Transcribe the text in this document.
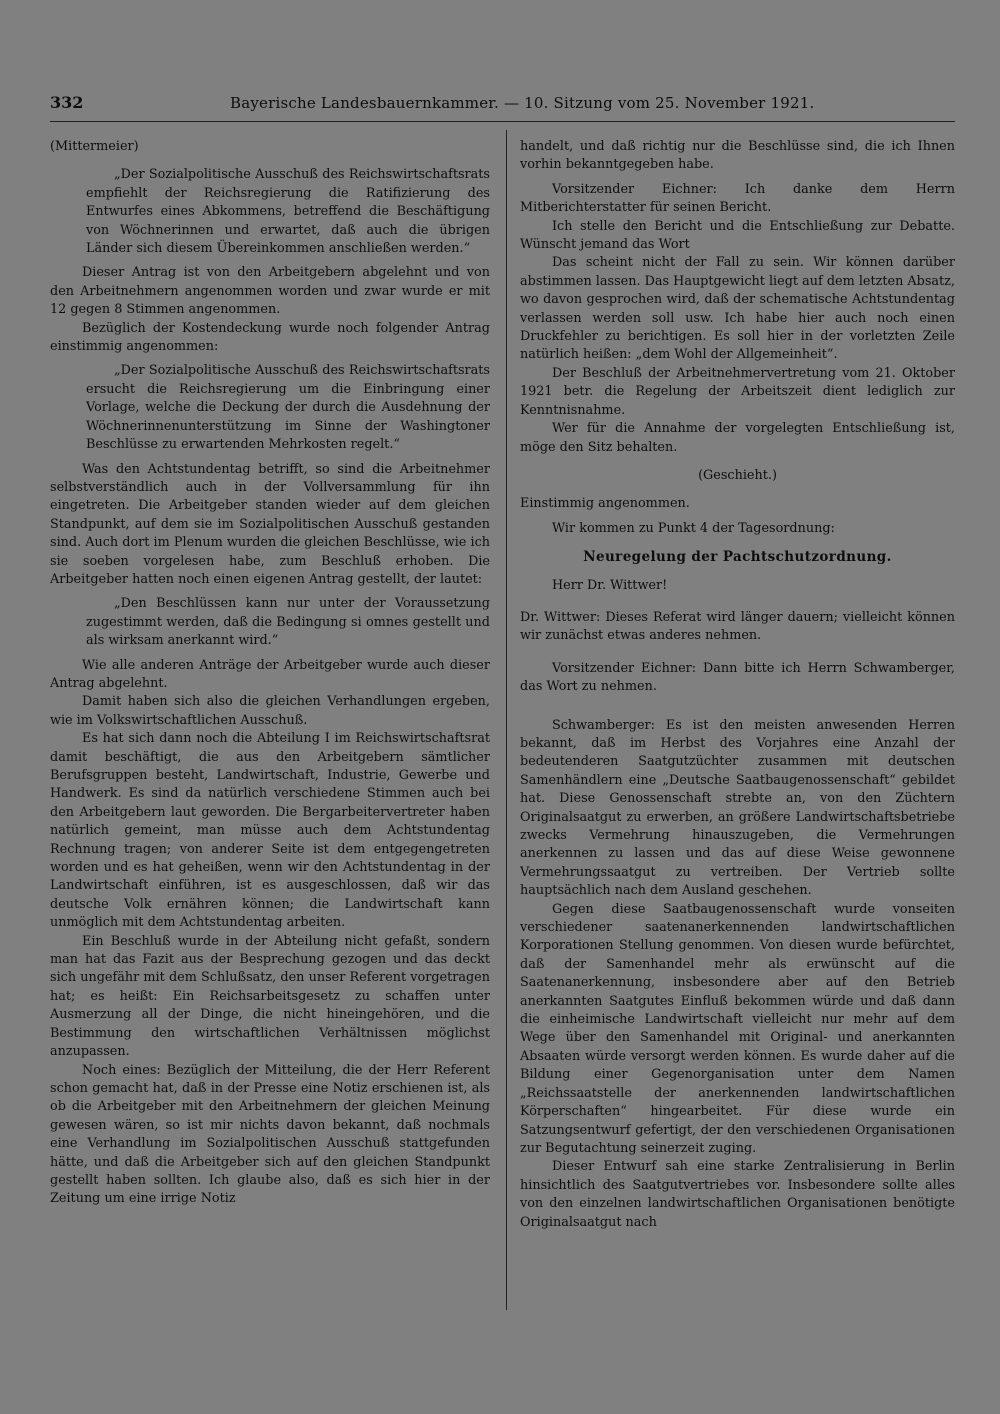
332	Bayerische Landesbauernkammer. — 10. Sitzung vom 25. November 1921.

(Mittermeier)

„Der Sozialpolitische Ausschuß des Reichswirtschaftsrats empfiehlt der Reichsregierung die Ratifizierung des Entwurfes eines Abkommens, betreffend die Beschäftigung von Wöchnerinnen und erwartet, daß auch die übrigen Länder sich diesem Übereinkommen anschließen werden.“

Dieser Antrag ist von den Arbeitgebern abgelehnt und von den Arbeitnehmern angenommen worden und zwar wurde er mit 12 gegen 8 Stimmen angenommen.

Bezüglich der Kostendeckung wurde noch folgender Antrag einstimmig angenommen:

„Der Sozialpolitische Ausschuß des Reichswirtschaftsrats ersucht die Reichsregierung um die Einbringung einer Vorlage, welche die Deckung der durch die Ausdehnung der Wöchnerinnenunterstützung im Sinne der Washingtoner Beschlüsse zu erwartenden Mehrkosten regelt.“

Was den Achtstundentag betrifft, so sind die Arbeitnehmer selbstverständlich auch in der Vollversammlung für ihn eingetreten. Die Arbeitgeber standen wieder auf dem gleichen Standpunkt, auf dem sie im Sozialpolitischen Ausschuß gestanden sind. Auch dort im Plenum wurden die gleichen Beschlüsse, wie ich sie soeben vorgelesen habe, zum Beschluß erhoben. Die Arbeitgeber hatten noch einen eigenen Antrag gestellt, der lautet:

„Den Beschlüssen kann nur unter der Voraussetzung zugestimmt werden, daß die Bedingung si omnes gestellt und als wirksam anerkannt wird.“

Wie alle anderen Anträge der Arbeitgeber wurde auch dieser Antrag abgelehnt.

Damit haben sich also die gleichen Verhandlungen ergeben, wie im Volkswirtschaftlichen Ausschuß.

Es hat sich dann noch die Abteilung I im Reichswirtschaftsrat damit beschäftigt, die aus den Arbeitgebern sämtlicher Berufsgruppen besteht, Landwirtschaft, Industrie, Gewerbe und Handwerk. Es sind da natürlich verschiedene Stimmen auch bei den Arbeitgebern laut geworden. Die Bergarbeitervertreter haben natürlich gemeint, man müsse auch dem Achtstundentag Rechnung tragen; von anderer Seite ist dem entgegengetreten worden und es hat geheißen, wenn wir den Achtstundentag in der Landwirtschaft einführen, ist es ausgeschlossen, daß wir das deutsche Volk ernähren können; die Landwirtschaft kann unmöglich mit dem Achtstundentag arbeiten.

Ein Beschluß wurde in der Abteilung nicht gefaßt, sondern man hat das Fazit aus der Besprechung gezogen und das deckt sich ungefähr mit dem Schlußsatz, den unser Referent vorgetragen hat; es heißt: Ein Reichsarbeitsgesetz zu schaffen unter Ausmerzung all der Dinge, die nicht hineingehören, und die Bestimmung den wirtschaftlichen Verhältnissen möglichst anzupassen.

Noch eines: Bezüglich der Mitteilung, die der Herr Referent schon gemacht hat, daß in der Presse eine Notiz erschienen ist, als ob die Arbeitgeber mit den Arbeitnehmern der gleichen Meinung gewesen wären, so ist mir nichts davon bekannt, daß nochmals eine Verhandlung im Sozialpolitischen Ausschuß stattgefunden hätte, und daß die Arbeitgeber sich auf den gleichen Standpunkt gestellt haben sollten. Ich glaube also, daß es sich hier in der Zeitung um eine irrige Notiz

handelt, und daß richtig nur die Beschlüsse sind, die ich Ihnen vorhin bekanntgegeben habe.

Vorsitzender Eichner: Ich danke dem Herrn Mitberichterstatter für seinen Bericht.

Ich stelle den Bericht und die Entschließung zur Debatte. Wünscht jemand das Wort

Das scheint nicht der Fall zu sein. Wir können darüber abstimmen lassen. Das Hauptgewicht liegt auf dem letzten Absatz, wo davon gesprochen wird, daß der schematische Achtstundentag verlassen werden soll usw. Ich habe hier auch noch einen Druckfehler zu berichtigen. Es soll hier in der vorletzten Zeile natürlich heißen: „dem Wohl der Allgemeinheit“.

Der Beschluß der Arbeitnehmervertretung vom 21. Oktober 1921 betr. die Regelung der Arbeitszeit dient lediglich zur Kenntnisnahme.

Wer für die Annahme der vorgelegten Entschließung ist, möge den Sitz behalten.

(Geschieht.)

Einstimmig angenommen.

Wir kommen zu Punkt 4 der Tagesordnung:

Neuregelung der Pachtschutzordnung.

Herr Dr. Wittwer!

Dr. Wittwer: Dieses Referat wird länger dauern; vielleicht können wir zunächst etwas anderes nehmen.

Vorsitzender Eichner: Dann bitte ich Herrn Schwamberger, das Wort zu nehmen.

Schwamberger: Es ist den meisten anwesenden Herren bekannt, daß im Herbst des Vorjahres eine Anzahl der bedeutenderen Saatgutzüchter zusammen mit deutschen Samenhändlern eine „Deutsche Saatbaugenossenschaft“ gebildet hat. Diese Genossenschaft strebte an, von den Züchtern Originalsaatgut zu erwerben, an größere Landwirtschaftsbetriebe zwecks Vermehrung hinauszugeben, die Vermehrungen anerkennen zu lassen und das auf diese Weise gewonnene Vermehrungssaatgut zu vertreiben. Der Vertrieb sollte hauptsächlich nach dem Ausland geschehen.

Gegen diese Saatbaugenossenschaft wurde vonseiten verschiedener saatenanerkennenden landwirtschaftlichen Korporationen Stellung genommen. Von diesen wurde befürchtet, daß der Samenhandel mehr als erwünscht auf die Saatenanerkennung, insbesondere aber auf den Betrieb anerkannten Saatgutes Einfluß bekommen würde und daß dann die einheimische Landwirtschaft vielleicht nur mehr auf dem Wege über den Samenhandel mit Original- und anerkannten Absaaten würde versorgt werden können. Es wurde daher auf die Bildung einer Gegenorganisation unter dem Namen „Reichssaatstelle der anerkennenden landwirtschaftlichen Körperschaften“ hingearbeitet. Für diese wurde ein Satzungsentwurf gefertigt, der den verschiedenen Organisationen zur Begutachtung seinerzeit zuging.

Dieser Entwurf sah eine starke Zentralisierung in Berlin hinsichtlich des Saatgutvertriebes vor. Insbesondere sollte alles von den einzelnen landwirtschaftlichen Organisationen benötigte Originalsaatgut nach
